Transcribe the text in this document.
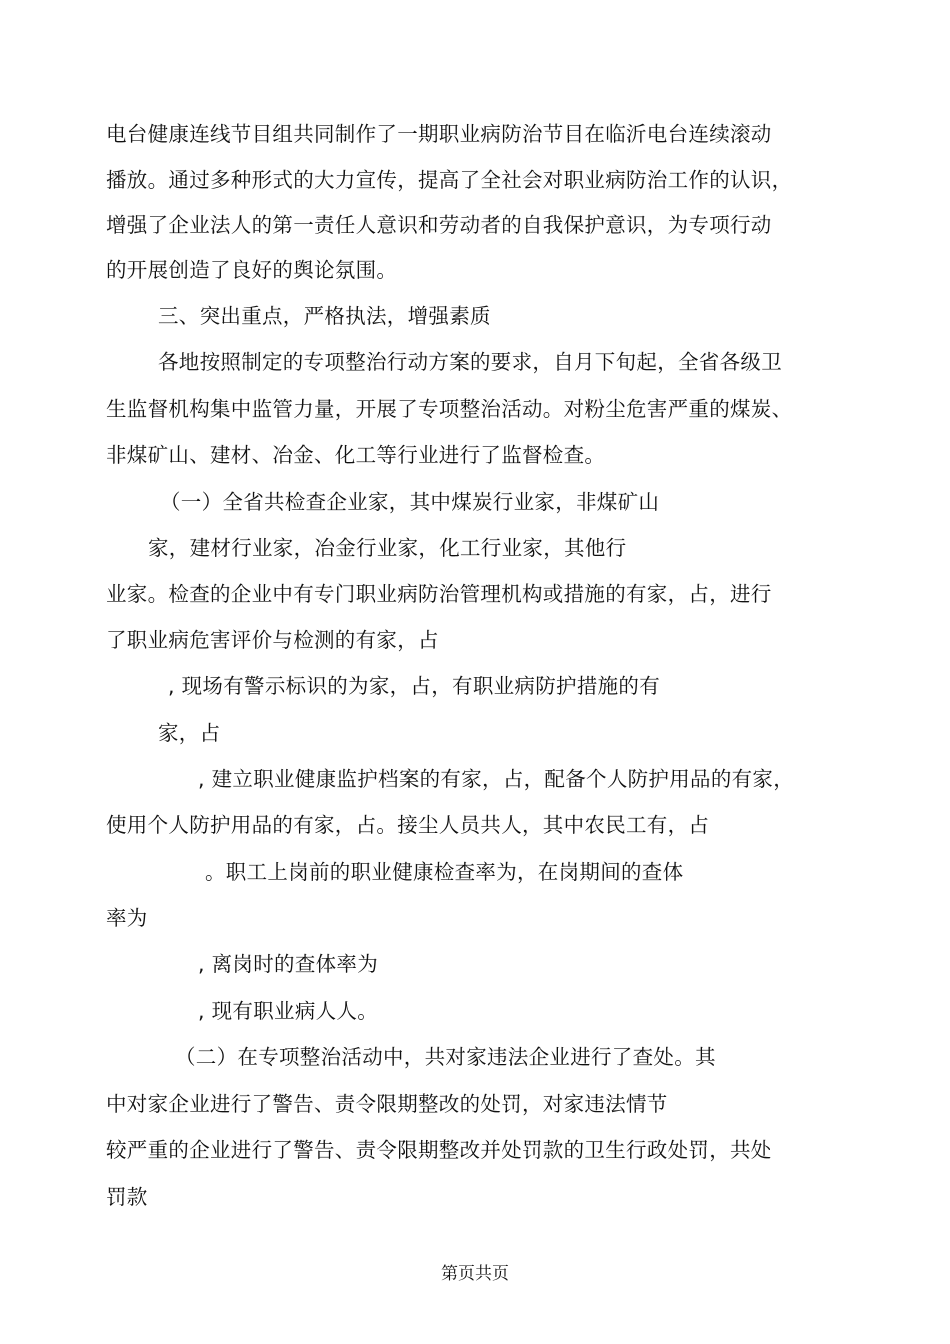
电台健康连线节目组共同制作了一期职业病防治节目在临沂电台连续滚动
播放。通过多种形式的大力宣传，提高了全社会对职业病防治工作的认识，
增强了企业法人的第一责任人意识和劳动者的自我保护意识，为专项行动
的开展创造了良好的舆论氛围。
三、突出重点，严格执法，增强素质
各地按照制定的专项整治行动方案的要求，自月下旬起，全省各级卫
生监督机构集中监管力量，开展了专项整治活动。对粉尘危害严重的煤炭、
非煤矿山、建材、冶金、化工等行业进行了监督检查。
（一）全省共检查企业家，其中煤炭行业家，非煤矿山
家，建材行业家，冶金行业家，化工行业家，其他行
业家。检查的企业中有专门职业病防治管理机构或措施的有家，占，进行
了职业病危害评价与检测的有家，占
, 现场有警示标识的为家，占，有职业病防护措施的有
家，占
, 建立职业健康监护档案的有家，占，配备个人防护用品的有家，
使用个人防护用品的有家，占。接尘人员共人，其中农民工有，占
。职工上岗前的职业健康检查率为，在岗期间的查体
率为
, 离岗时的查体率为
, 现有职业病人人。
（二）在专项整治活动中，共对家违法企业进行了查处。其
中对家企业进行了警告、责令限期整改的处罚，对家违法情节
较严重的企业进行了警告、责令限期整改并处罚款的卫生行政处罚，共处
罚款
第页共页
